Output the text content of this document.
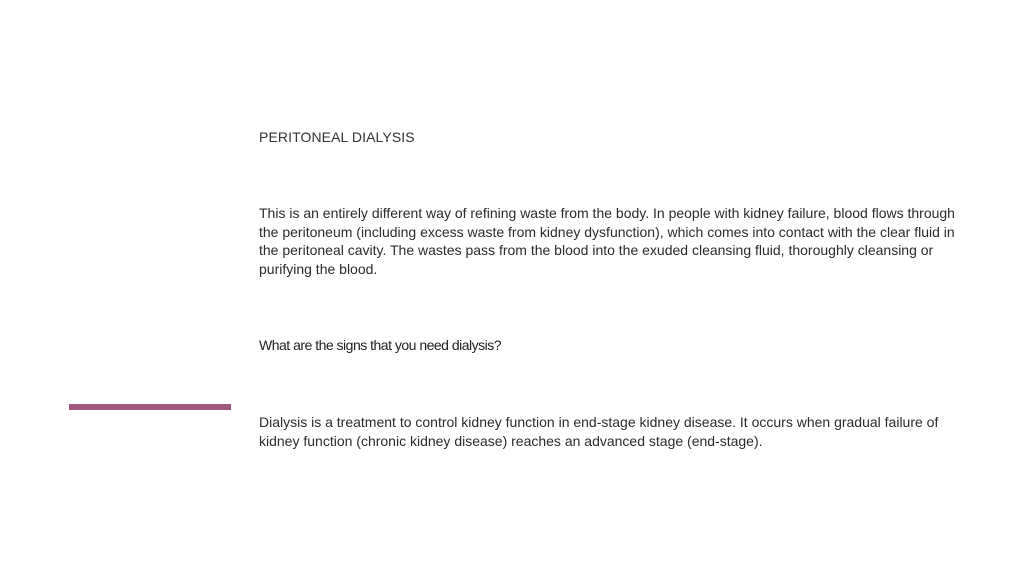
PERITONEAL DIALYSIS

This is an entirely different way of refining waste from the body. In people with kidney failure, blood flows through the peritoneum (including excess waste from kidney dysfunction), which comes into contact with the clear fluid in the peritoneal cavity. The wastes pass from the blood into the exuded cleansing fluid, thoroughly cleansing or purifying the blood.

What are the signs that you need dialysis?

Dialysis is a treatment to control kidney function in end-stage kidney disease. It occurs when gradual failure of kidney function (chronic kidney disease) reaches an advanced stage (end-stage).
